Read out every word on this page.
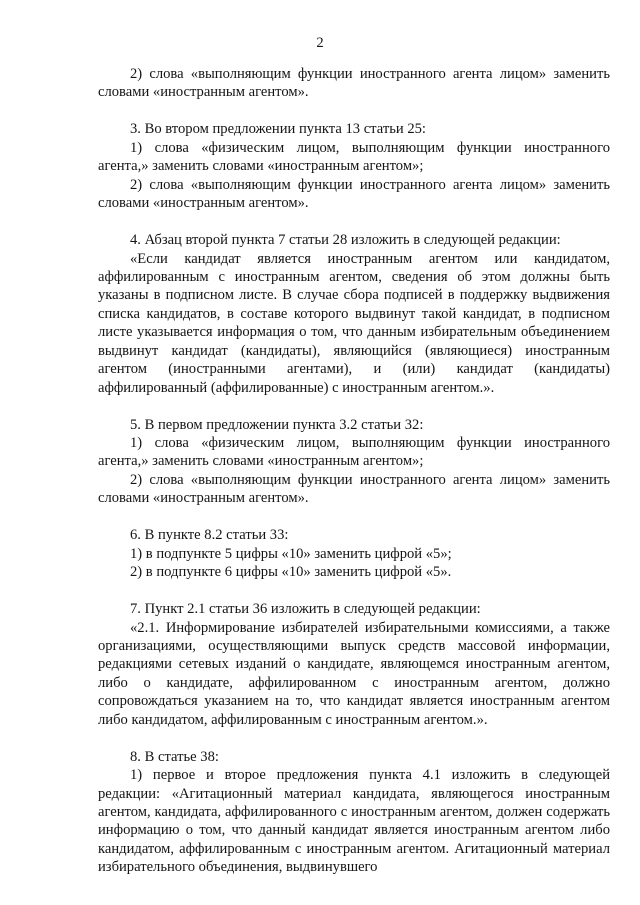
2

2) слова «выполняющим функции иностранного агента лицом» заменить словами «иностранным агентом».

3. Во втором предложении пункта 13 статьи 25:

1) слова «физическим лицом, выполняющим функции иностранного агента,» заменить словами «иностранным агентом»;

2) слова «выполняющим функции иностранного агента лицом» заменить словами «иностранным агентом».

4. Абзац второй пункта 7 статьи 28 изложить в следующей редакции:

«Если кандидат является иностранным агентом или кандидатом, аффилированным с иностранным агентом, сведения об этом должны быть указаны в подписном листе. В случае сбора подписей в поддержку выдвижения списка кандидатов, в составе которого выдвинут такой кандидат, в подписном листе указывается информация о том, что данным избирательным объединением выдвинут кандидат (кандидаты), являющийся (являющиеся) иностранным агентом (иностранными агентами), и (или) кандидат (кандидаты) аффилированный (аффилированные) с иностранным агентом.».

5. В первом предложении пункта 3.2 статьи 32:

1) слова «физическим лицом, выполняющим функции иностранного агента,» заменить словами «иностранным агентом»;

2) слова «выполняющим функции иностранного агента лицом» заменить словами «иностранным агентом».

6. В пункте 8.2 статьи 33:

1) в подпункте 5 цифры «10» заменить цифрой «5»;

2) в подпункте 6 цифры «10» заменить цифрой «5».

7. Пункт 2.1 статьи 36 изложить в следующей редакции:

«2.1. Информирование избирателей избирательными комиссиями, а также организациями, осуществляющими выпуск средств массовой информации, редакциями сетевых изданий о кандидате, являющемся иностранным агентом, либо о кандидате, аффилированном с иностранным агентом, должно сопровождаться указанием на то, что кандидат является иностранным агентом либо кандидатом, аффилированным с иностранным агентом.».

8. В статье 38:

1) первое и второе предложения пункта 4.1 изложить в следующей редакции: «Агитационный материал кандидата, являющегося иностранным агентом, кандидата, аффилированного с иностранным агентом, должен содержать информацию о том, что данный кандидат является иностранным агентом либо кандидатом, аффилированным с иностранным агентом. Агитационный материал избирательного объединения, выдвинувшего
